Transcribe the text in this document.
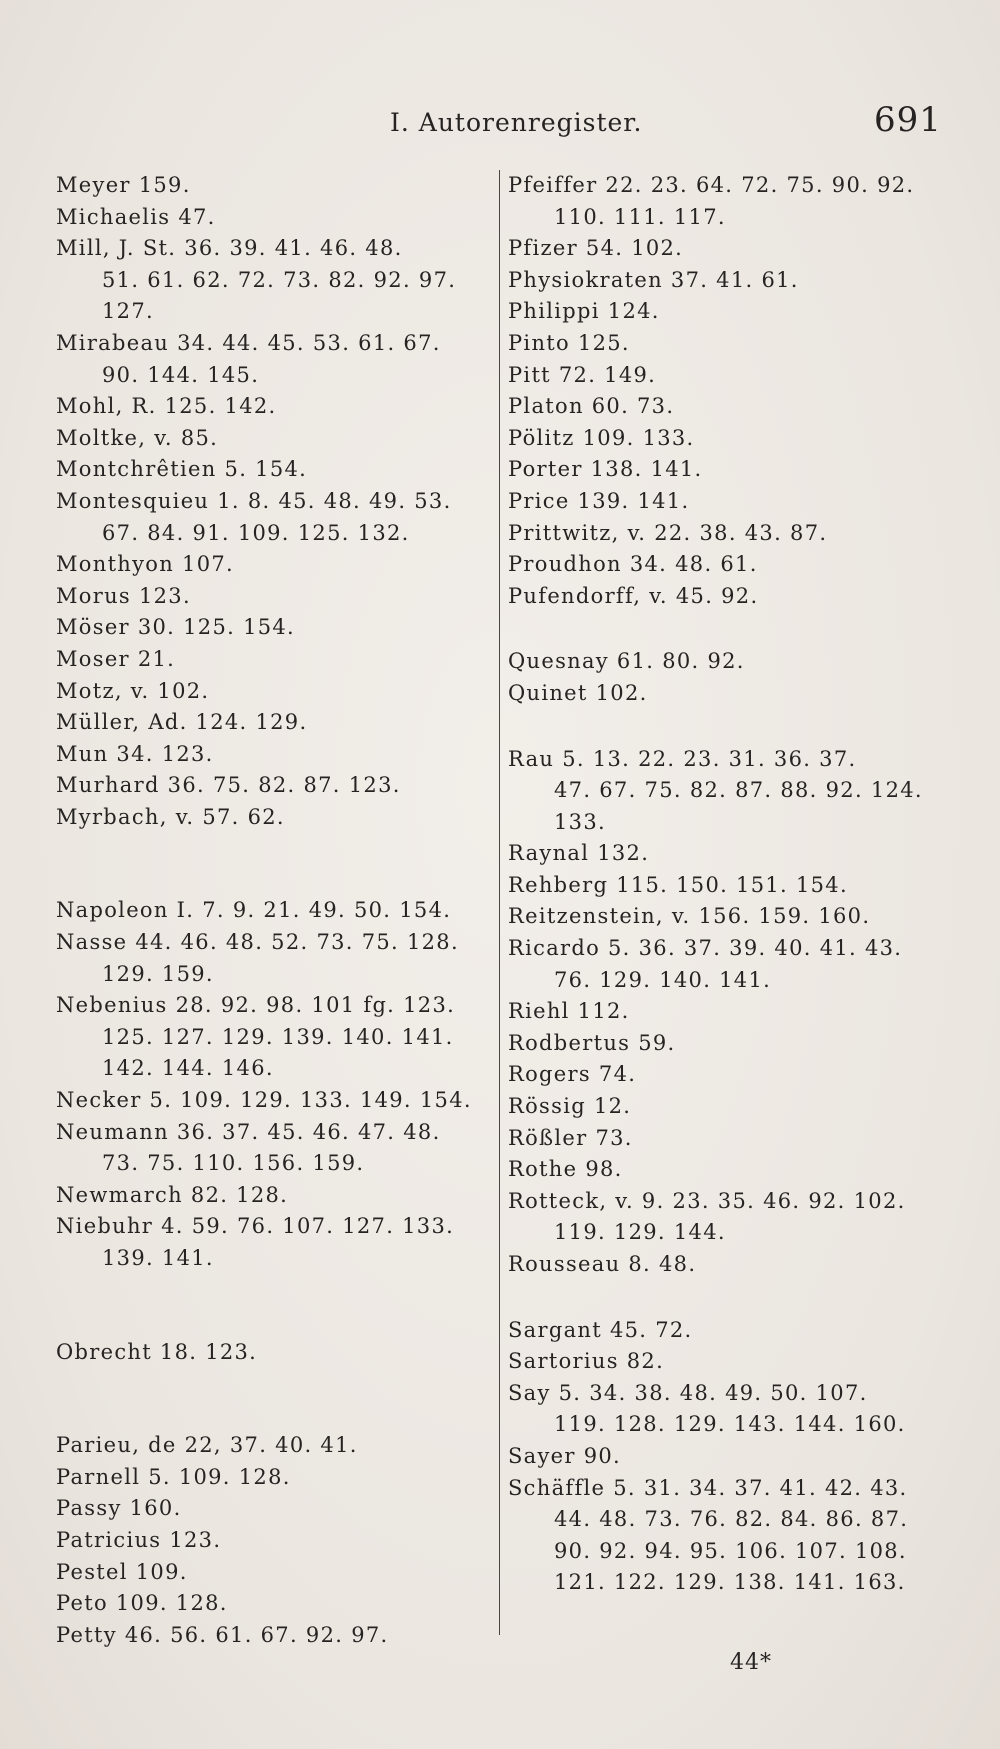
I. Autorenregister.	691
Meyer 159.
Michaelis 47.
Mill, J. St. 36. 39. 41. 46. 48.
51. 61. 62. 72. 73. 82. 92. 97.
127.
Mirabeau 34. 44. 45. 53. 61. 67.
90. 144. 145.
Mohl, R. 125. 142.
Moltke, v. 85.
Montchrêtien 5. 154.
Montesquieu 1. 8. 45. 48. 49. 53.
67. 84. 91. 109. 125. 132.
Monthyon 107.
Morus 123.
Möser 30. 125. 154.
Moser 21.
Motz, v. 102.
Müller, Ad. 124. 129.
Mun 34. 123.
Murhard 36. 75. 82. 87. 123.
Myrbach, v. 57. 62.
Napoleon I. 7. 9. 21. 49. 50. 154.
Nasse 44. 46. 48. 52. 73. 75. 128.
129. 159.
Nebenius 28. 92. 98. 101 fg. 123.
125. 127. 129. 139. 140. 141.
142. 144. 146.
Necker 5. 109. 129. 133. 149. 154.
Neumann 36. 37. 45. 46. 47. 48.
73. 75. 110. 156. 159.
Newmarch 82. 128.
Niebuhr 4. 59. 76. 107. 127. 133.
139. 141.
Obrecht 18. 123.
Parieu, de 22, 37. 40. 41.
Parnell 5. 109. 128.
Passy 160.
Patricius 123.
Pestel 109.
Peto 109. 128.
Petty 46. 56. 61. 67. 92. 97.
Pfeiffer 22. 23. 64. 72. 75. 90. 92.
110. 111. 117.
Pfizer 54. 102.
Physiokraten 37. 41. 61.
Philippi 124.
Pinto 125.
Pitt 72. 149.
Platon 60. 73.
Pölitz 109. 133.
Porter 138. 141.
Price 139. 141.
Prittwitz, v. 22. 38. 43. 87.
Proudhon 34. 48. 61.
Pufendorff, v. 45. 92.
Quesnay 61. 80. 92.
Quinet 102.
Rau 5. 13. 22. 23. 31. 36. 37.
47. 67. 75. 82. 87. 88. 92. 124.
133.
Raynal 132.
Rehberg 115. 150. 151. 154.
Reitzenstein, v. 156. 159. 160.
Ricardo 5. 36. 37. 39. 40. 41. 43.
76. 129. 140. 141.
Riehl 112.
Rodbertus 59.
Rogers 74.
Rössig 12.
Rößler 73.
Rothe 98.
Rotteck, v. 9. 23. 35. 46. 92. 102.
119. 129. 144.
Rousseau 8. 48.
Sargant 45. 72.
Sartorius 82.
Say 5. 34. 38. 48. 49. 50. 107.
119. 128. 129. 143. 144. 160.
Sayer 90.
Schäffle 5. 31. 34. 37. 41. 42. 43.
44. 48. 73. 76. 82. 84. 86. 87.
90. 92. 94. 95. 106. 107. 108.
121. 122. 129. 138. 141. 163.
44*
